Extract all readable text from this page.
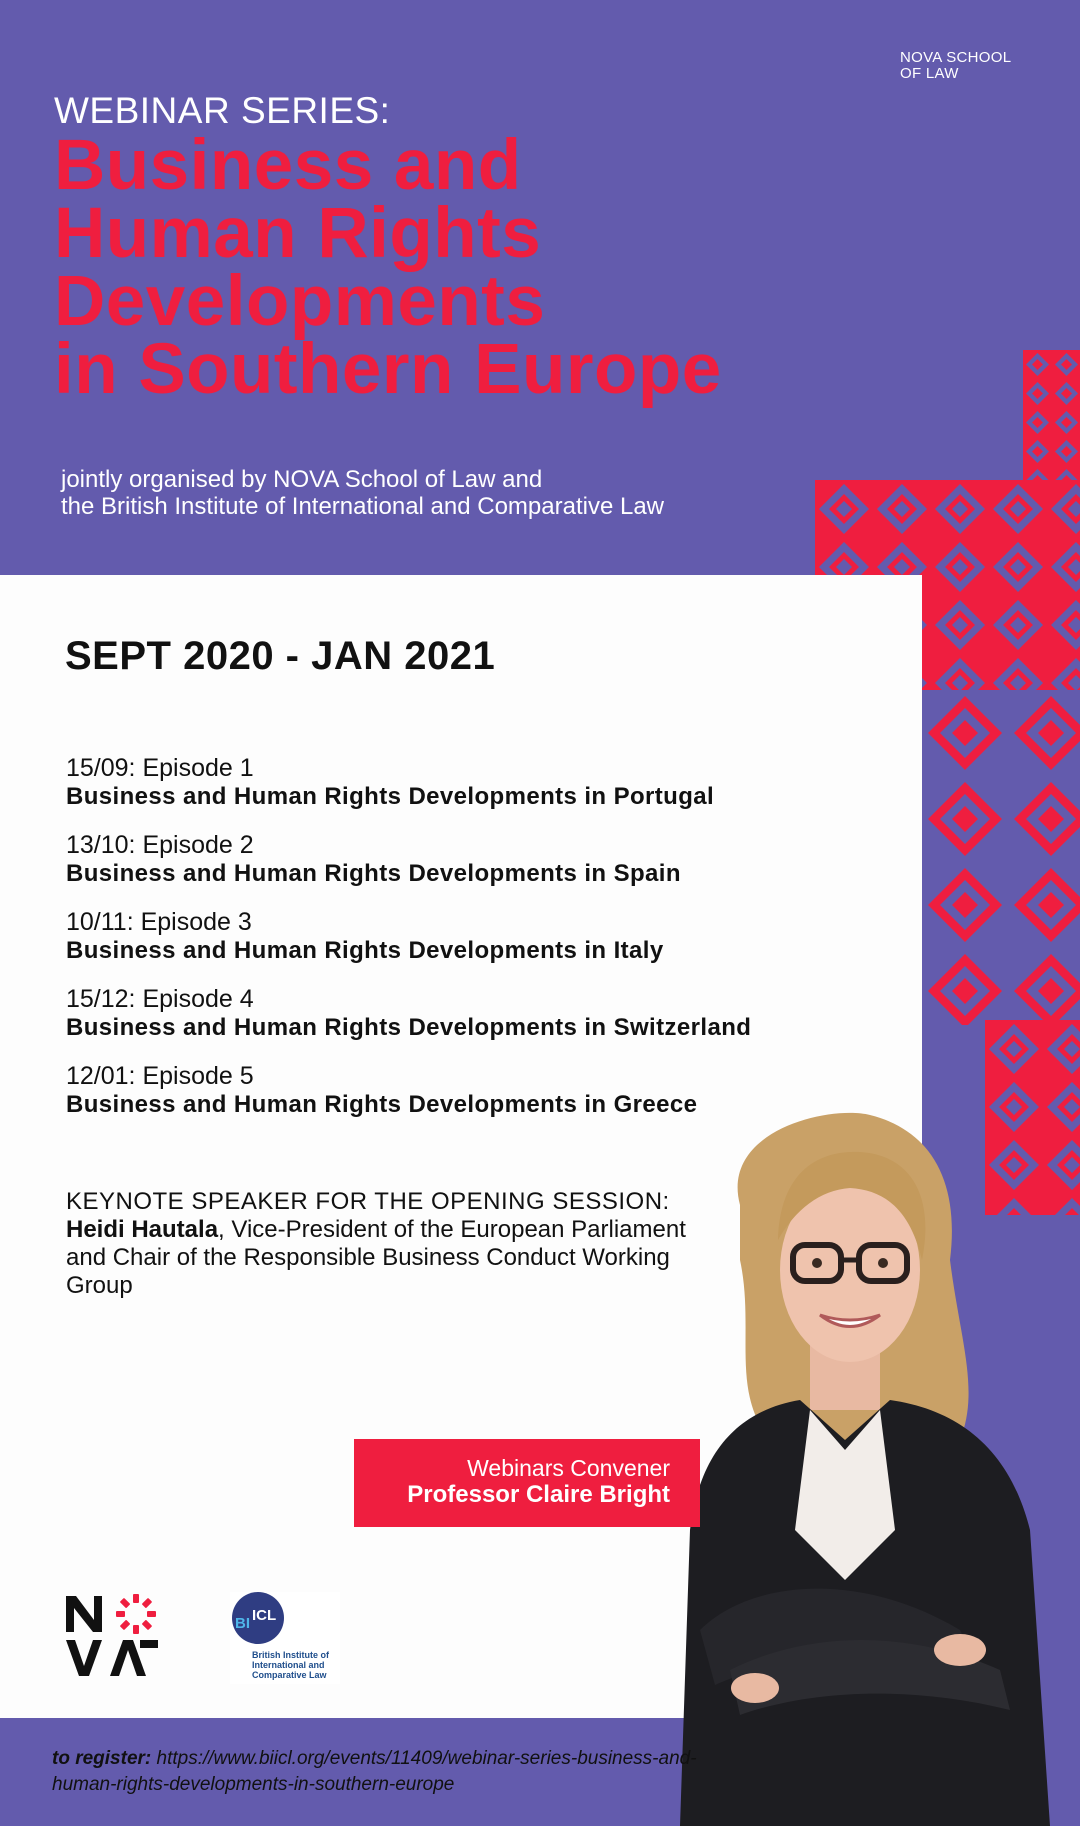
NOVA SCHOOL
OF LAW
WEBINAR SERIES:
Business and
Human Rights
Developments
in Southern Europe
jointly organised by NOVA School of Law and
the British Institute of International and Comparative Law
SEPT 2020 - JAN 2021
15/09: Episode 1
Business and Human Rights Developments in Portugal
13/10: Episode 2
Business and Human Rights Developments in Spain
10/11: Episode 3
Business and Human Rights Developments in Italy
15/12: Episode 4
Business and Human Rights Developments in Switzerland
12/01: Episode 5
Business and Human Rights Developments in Greece
KEYNOTE SPEAKER FOR THE OPENING SESSION:
Heidi Hautala, Vice-President of the European Parliament and Chair of the Responsible Business Conduct Working Group
Webinars Convener
Professor Claire Bright
BI ICL
British Institute of
International and
Comparative Law
to register: https://www.biicl.org/events/11409/webinar-series-business-and-human-rights-developments-in-southern-europe
